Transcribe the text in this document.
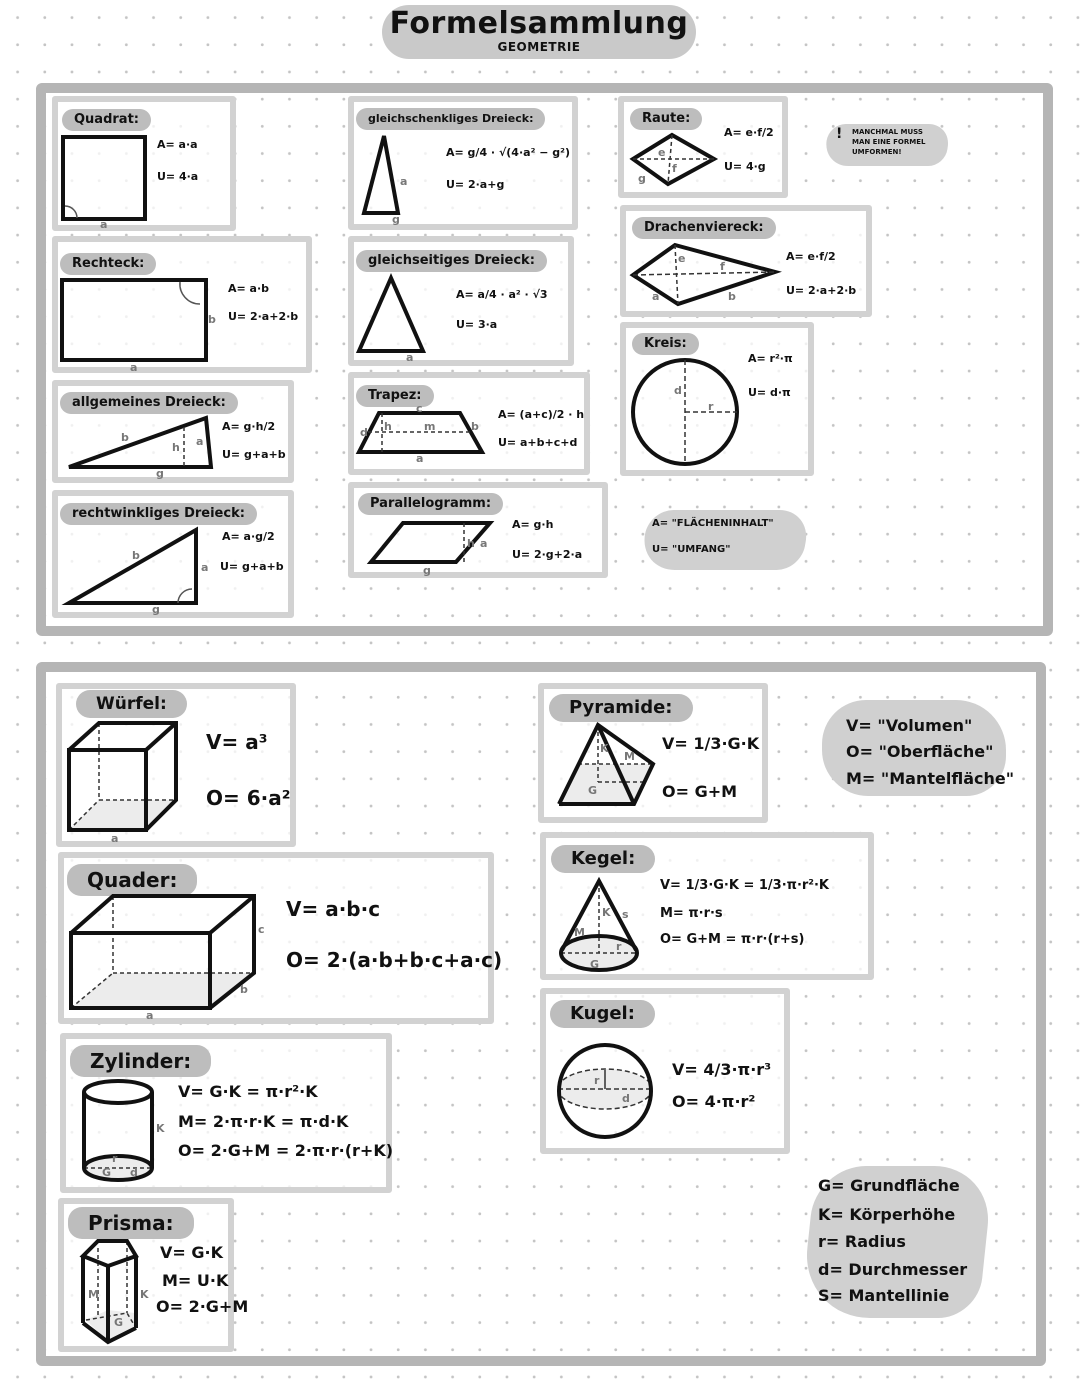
Formelsammlung
GEOMETRIE
Quadrat:
a
A= a·a
U= 4·a
Rechteck:
b
a
A= a·b
U= 2·a+2·b
allgemeines Dreieck:
b	a
h
g
A= g·h/2
U= g+a+b
rechtwinkliges Dreieck:
b
a
g
A= a·g/2
U= g+a+b
gleichschenkliges Dreieck:
a
g
A= g/4 · √(4·a² − g²)
U= 2·a+g
gleichseitiges Dreieck:
a
A= a/4 · a² · √3
U= 3·a
Trapez:
c
d	b
m
h
a
A= (a+c)/2 · h
U= a+b+c+d
Parallelogramm:
h a
g
A= g·h
U= 2·g+2·a
Raute:
e
f
g
A= e·f/2
U= 4·g
! MANCHMAL MUSS MAN EINE FORMEL UMFORMEN!
Drachenviereck:
e
f
a	b
A= e·f/2
U= 2·a+2·b
Kreis:
d
r
A= r²·π
U= d·π
A= "FLÄCHENINHALT"
U= "UMFANG"
Würfel:
a
V= a³
O= 6·a²
Quader:
c
b
a
V= a·b·c
O= 2·(a·b+b·c+a·c)
Zylinder:
K
G
r
d
V= G·K = π·r²·K
M= 2·π·r·K = π·d·K
O= 2·G+M = 2·π·r·(r+K)
Prisma:
M	K
G
V= G·K
M= U·K
O= 2·G+M
Pyramide:
K
M
G
V= 1/3·G·K
O= G+M
V= "Volumen"
O= "Oberfläche"
M= "Mantelfläche"
Kegel:
K s
M
r
G
V= 1/3·G·K = 1/3·π·r²·K
M= π·r·s
O= G+M = π·r·(r+s)
Kugel:
r
d
V= 4/3·π·r³
O= 4·π·r²
G= Grundfläche
K= Körperhöhe
r= Radius
d= Durchmesser
S= Mantellinie
